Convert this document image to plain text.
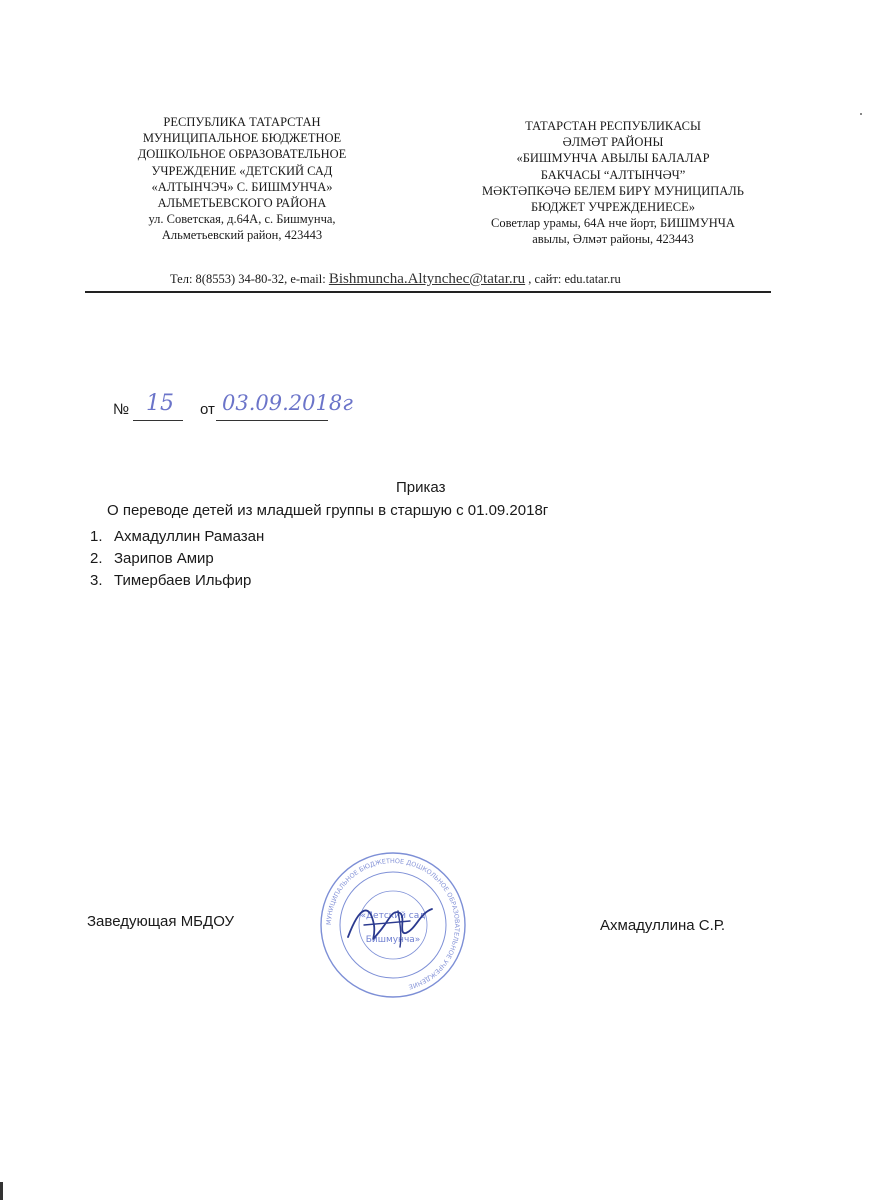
РЕСПУБЛИКА ТАТАРСТАН
МУНИЦИПАЛЬНОЕ БЮДЖЕТНОЕ
ДОШКОЛЬНОЕ ОБРАЗОВАТЕЛЬНОЕ
УЧРЕЖДЕНИЕ «ДЕТСКИЙ САД
«АЛТЫНЧЭЧ» С. БИШМУНЧА»
АЛЬМЕТЬЕВСКОГО РАЙОНА
ул. Советская, д.64А, с. Бишмунча,
Альметьевский район, 423443
ТАТАРСТАН РЕСПУБЛИКАСЫ
ӘЛМӘТ РАЙОНЫ
«БИШМУНЧА АВЫЛЫ БАЛАЛАР
БАКЧАСЫ “АЛТЫНЧӘЧ”
МӘКТӘПКӘЧӘ БЕЛЕМ БИРҮ МУНИЦИПАЛЬ
БЮДЖЕТ УЧРЕЖДЕНИЕСЕ»
Советлар урамы, 64А нче йорт, БИШМУНЧА
авылы, Әлмәт районы, 423443
Тел: 8(8553) 34-80-32, e-mail: Bishmuncha.Altynchec@tatar.ru , сайт: edu.tatar.ru
№ 15 от 03.09.2018г
Приказ
О переводе детей из младшей группы в старшую с 01.09.2018г
1. Ахмадуллин Рамазан
2. Зарипов Амир
3. Тимербаев Ильфир
Заведующая МБДОУ	Ахмадуллина С.Р.
МУНИЦИПАЛЬНОЕ БЮДЖЕТНОЕ ДОШКОЛЬНОЕ ОБРАЗОВАТЕЛЬНОЕ УЧРЕЖДЕНИЕ
«Детский сад
Бишмунча»
